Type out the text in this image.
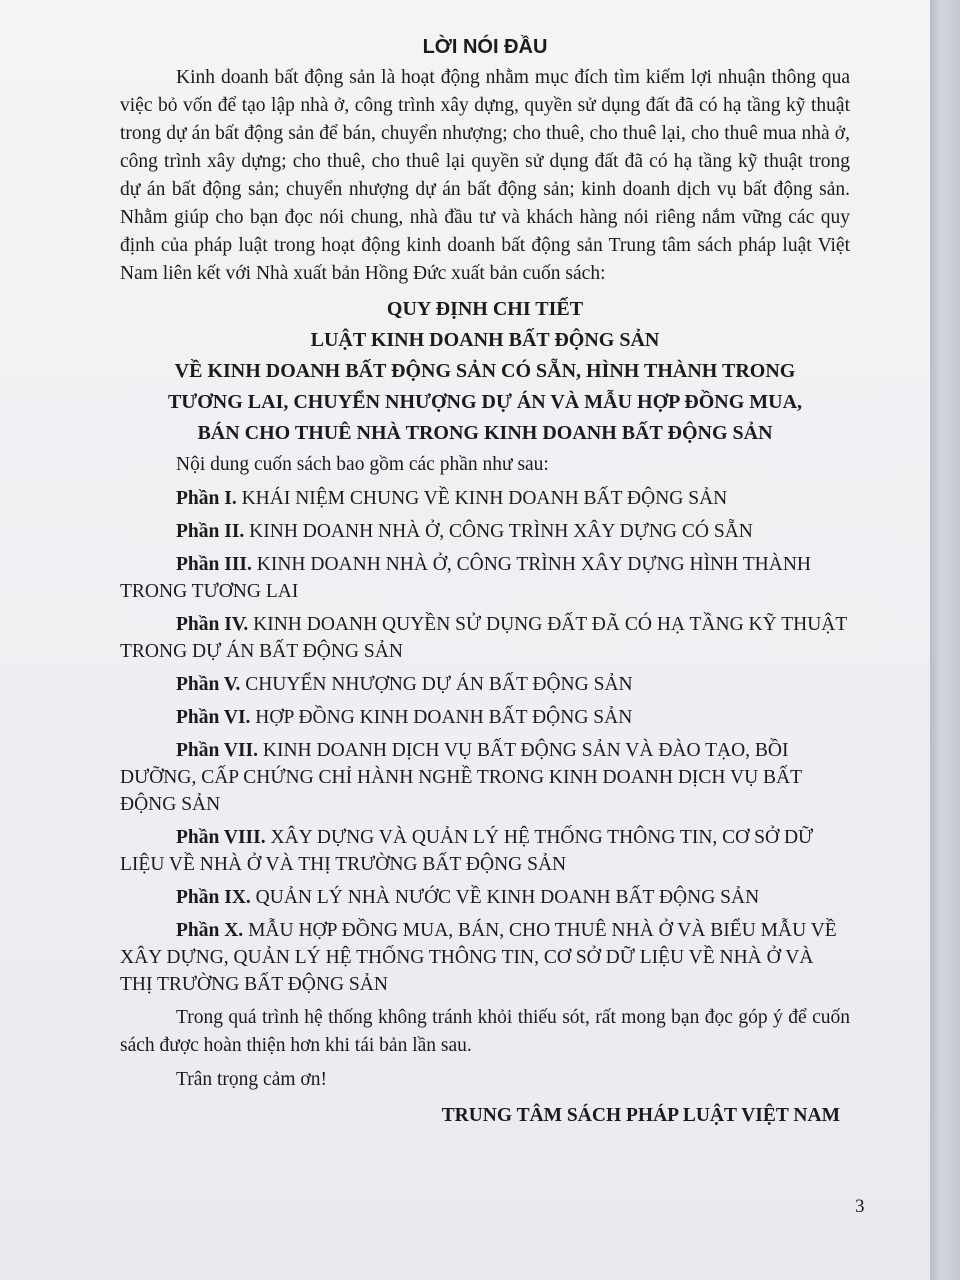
LỜI NÓI ĐẦU

Kinh doanh bất động sản là hoạt động nhằm mục đích tìm kiếm lợi nhuận thông qua việc bỏ vốn để tạo lập nhà ở, công trình xây dựng, quyền sử dụng đất đã có hạ tầng kỹ thuật trong dự án bất động sản để bán, chuyển nhượng; cho thuê, cho thuê lại, cho thuê mua nhà ở, công trình xây dựng; cho thuê, cho thuê lại quyền sử dụng đất đã có hạ tầng kỹ thuật trong dự án bất động sản; chuyển nhượng dự án bất động sản; kinh doanh dịch vụ bất động sản. Nhằm giúp cho bạn đọc nói chung, nhà đầu tư và khách hàng nói riêng nắm vững các quy định của pháp luật trong hoạt động kinh doanh bất động sản Trung tâm sách pháp luật Việt Nam liên kết với Nhà xuất bản Hồng Đức xuất bản cuốn sách:

QUY ĐỊNH CHI TIẾT
LUẬT KINH DOANH BẤT ĐỘNG SẢN
VỀ KINH DOANH BẤT ĐỘNG SẢN CÓ SẴN, HÌNH THÀNH TRONG
TƯƠNG LAI, CHUYỂN NHƯỢNG DỰ ÁN VÀ MẪU HỢP ĐỒNG MUA,
BÁN CHO THUÊ NHÀ TRONG KINH DOANH BẤT ĐỘNG SẢN

Nội dung cuốn sách bao gồm các phần như sau:

Phần I. KHÁI NIỆM CHUNG VỀ KINH DOANH BẤT ĐỘNG SẢN

Phần II. KINH DOANH NHÀ Ở, CÔNG TRÌNH XÂY DỰNG CÓ SẴN

Phần III. KINH DOANH NHÀ Ở, CÔNG TRÌNH XÂY DỰNG HÌNH THÀNH TRONG TƯƠNG LAI

Phần IV. KINH DOANH QUYỀN SỬ DỤNG ĐẤT ĐÃ CÓ HẠ TẦNG KỸ THUẬT TRONG DỰ ÁN BẤT ĐỘNG SẢN

Phần V. CHUYỂN NHƯỢNG DỰ ÁN BẤT ĐỘNG SẢN

Phần VI. HỢP ĐỒNG KINH DOANH BẤT ĐỘNG SẢN

Phần VII. KINH DOANH DỊCH VỤ BẤT ĐỘNG SẢN VÀ ĐÀO TẠO, BỒI DƯỠNG, CẤP CHỨNG CHỈ HÀNH NGHỀ TRONG KINH DOANH DỊCH VỤ BẤT ĐỘNG SẢN

Phần VIII. XÂY DỰNG VÀ QUẢN LÝ HỆ THỐNG THÔNG TIN, CƠ SỞ DỮ LIỆU VỀ NHÀ Ở VÀ THỊ TRƯỜNG BẤT ĐỘNG SẢN

Phần IX. QUẢN LÝ NHÀ NƯỚC VỀ KINH DOANH BẤT ĐỘNG SẢN

Phần X. MẪU HỢP ĐỒNG MUA, BÁN, CHO THUÊ NHÀ Ở VÀ BIỂU MẪU VỀ XÂY DỰNG, QUẢN LÝ HỆ THỐNG THÔNG TIN, CƠ SỞ DỮ LIỆU VỀ NHÀ Ở VÀ THỊ TRƯỜNG BẤT ĐỘNG SẢN

Trong quá trình hệ thống không tránh khỏi thiếu sót, rất mong bạn đọc góp ý để cuốn sách được hoàn thiện hơn khi tái bản lần sau.

Trân trọng cảm ơn!

TRUNG TÂM SÁCH PHÁP LUẬT VIỆT NAM
3
